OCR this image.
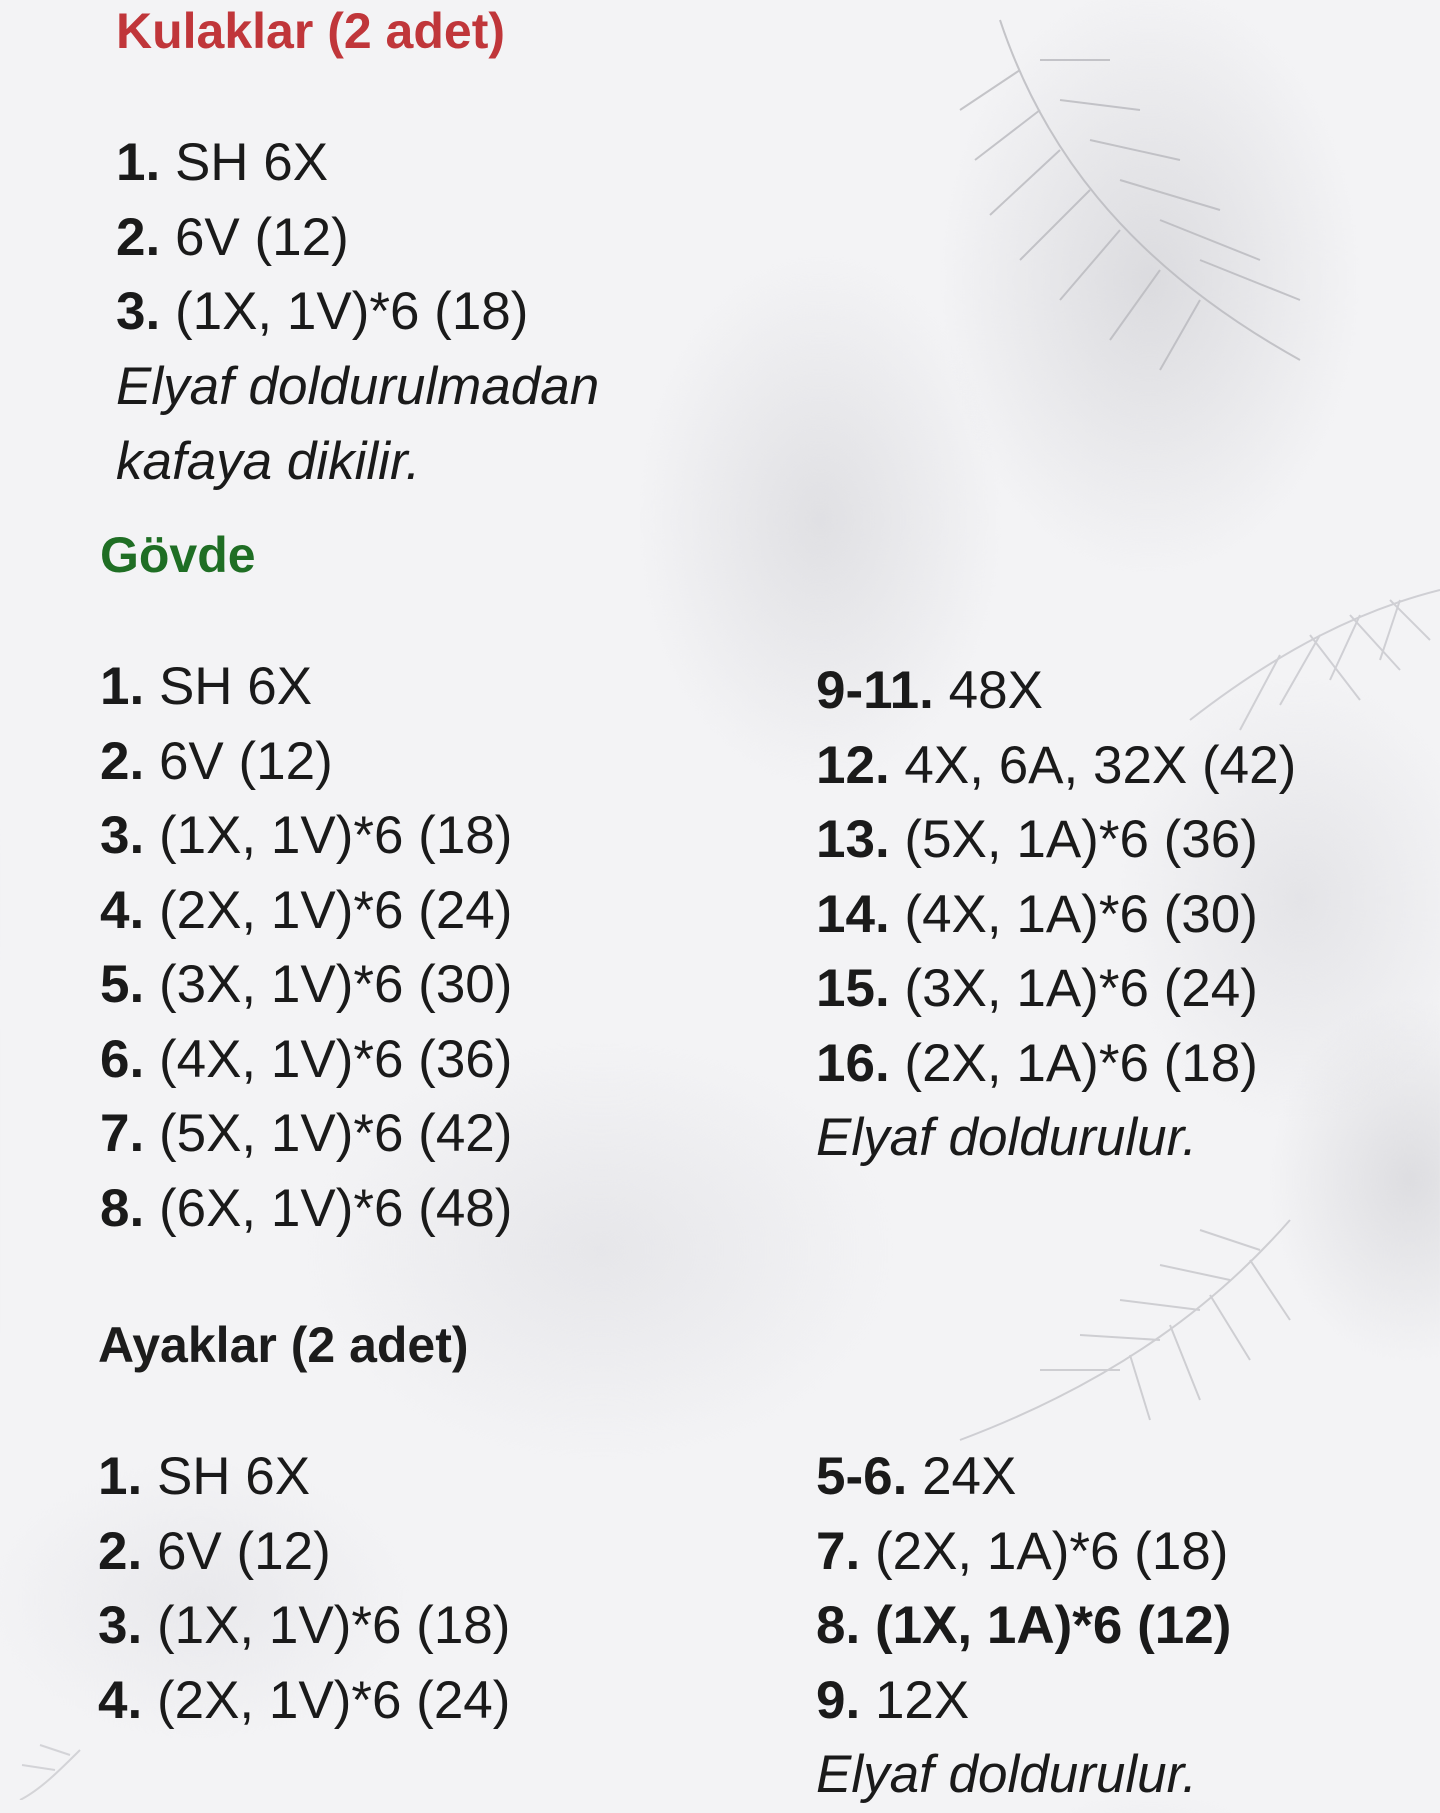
Kulaklar (2 adet)
1. SH 6X
2. 6V (12)
3. (1X, 1V)*6 (18)

Elyaf doldurulmadan

kafaya dikilir.

Gövde
1. SH 6X
2. 6V (12)
3. (1X, 1V)*6 (18)
4. (2X, 1V)*6 (24)
5. (3X, 1V)*6 (30)
6. (4X, 1V)*6 (36)
7. (5X, 1V)*6 (42)
8. (6X, 1V)*6 (48)
9-11. 48X
12. 4X, 6A, 32X (42)
13. (5X, 1A)*6 (36)
14. (4X, 1A)*6 (30)
15. (3X, 1A)*6 (24)
16. (2X, 1A)*6 (18)

Elyaf doldurulur.

Ayaklar (2 adet)
1. SH 6X
2. 6V (12)
3. (1X, 1V)*6 (18)
4. (2X, 1V)*6 (24)
5-6. 24X
7. (2X, 1A)*6 (18)
8. (1X, 1A)*6 (12)
9. 12X

Elyaf doldurulur.
